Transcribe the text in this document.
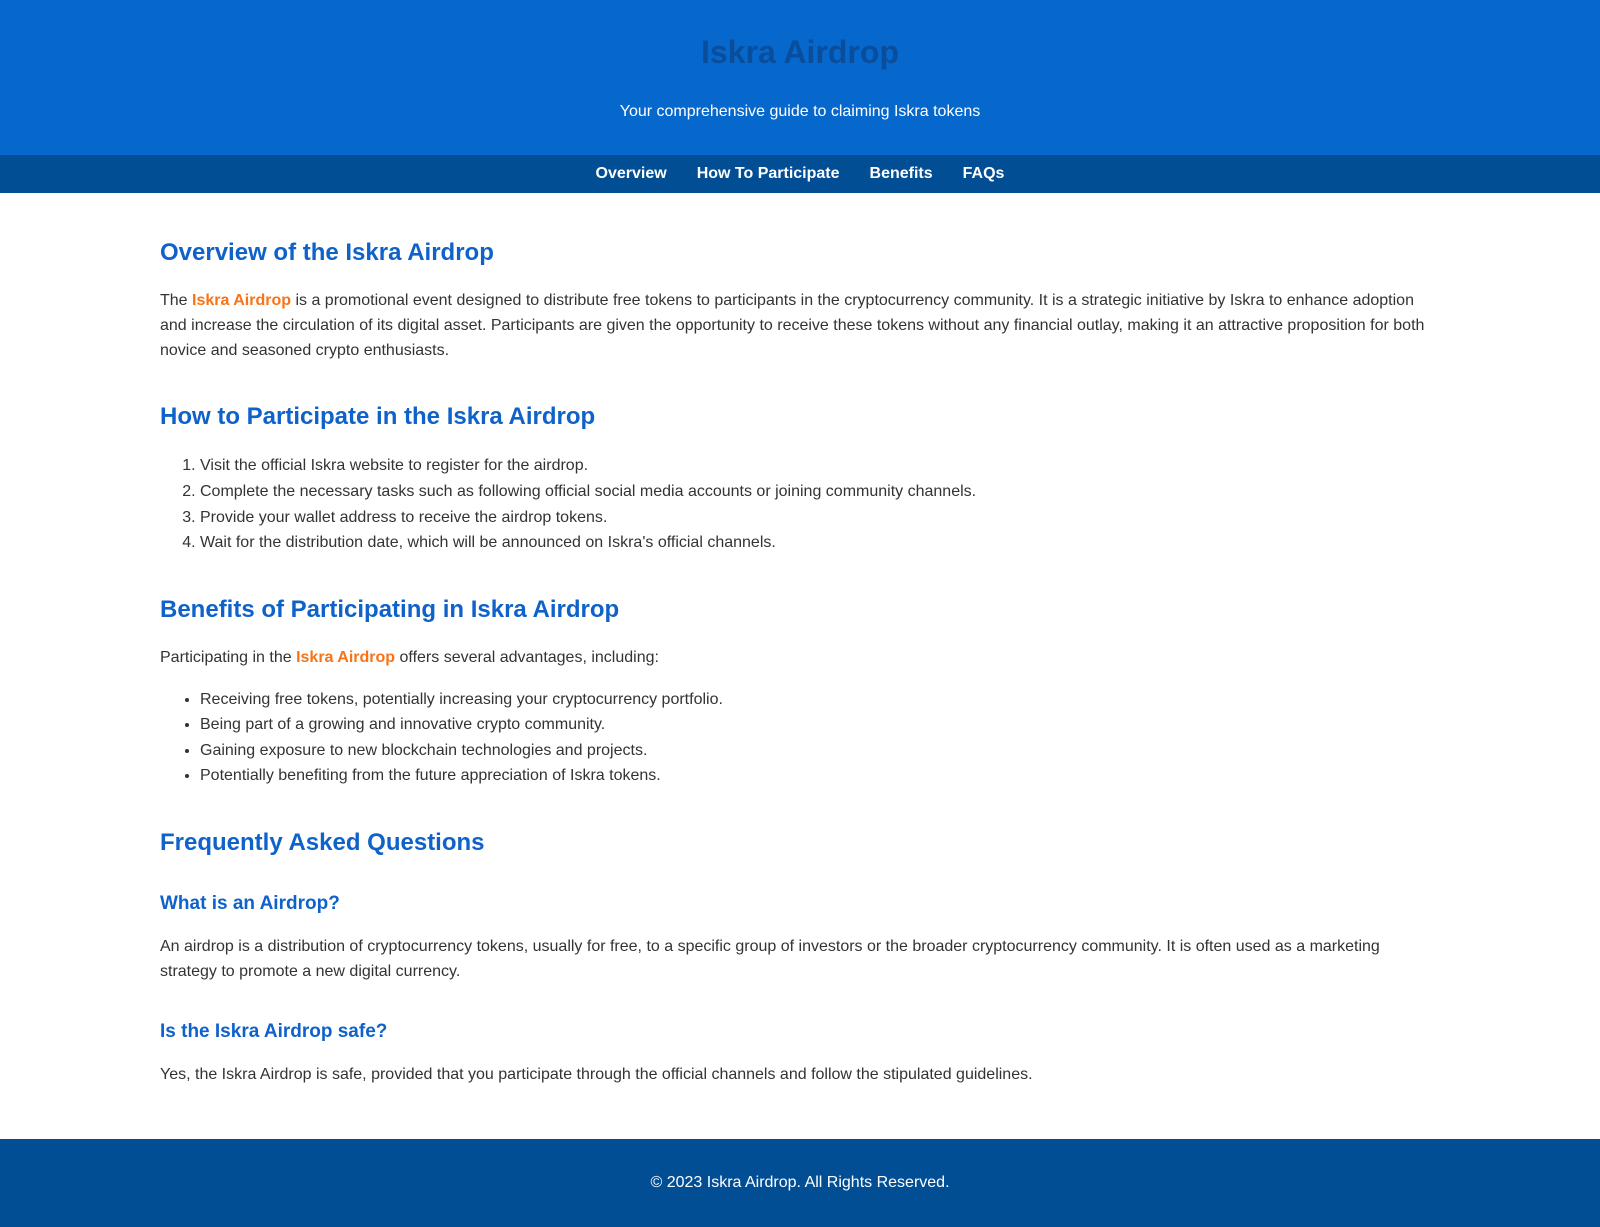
Iskra Airdrop

Your comprehensive guide to claiming Iskra tokens

Overview How To Participate Benefits FAQs
Overview of the Iskra Airdrop

The Iskra Airdrop is a promotional event designed to distribute free tokens to participants in the cryptocurrency community. It is a strategic initiative by Iskra to enhance adoption and increase the circulation of its digital asset. Participants are given the opportunity to receive these tokens without any financial outlay, making it an attractive proposition for both novice and seasoned crypto enthusiasts.

How to Participate in the Iskra Airdrop
1. Visit the official Iskra website to register for the airdrop.
2. Complete the necessary tasks such as following official social media accounts or joining community channels.
3. Provide your wallet address to receive the airdrop tokens.
4. Wait for the distribution date, which will be announced on Iskra's official channels.
Benefits of Participating in Iskra Airdrop

Participating in the Iskra Airdrop offers several advantages, including:

• Receiving free tokens, potentially increasing your cryptocurrency portfolio.
• Being part of a growing and innovative crypto community.
• Gaining exposure to new blockchain technologies and projects.
• Potentially benefiting from the future appreciation of Iskra tokens.
Frequently Asked Questions
What is an Airdrop?

An airdrop is a distribution of cryptocurrency tokens, usually for free, to a specific group of investors or the broader cryptocurrency community. It is often used as a marketing strategy to promote a new digital currency.

Is the Iskra Airdrop safe?

Yes, the Iskra Airdrop is safe, provided that you participate through the official channels and follow the stipulated guidelines.

© 2023 Iskra Airdrop. All Rights Reserved.
